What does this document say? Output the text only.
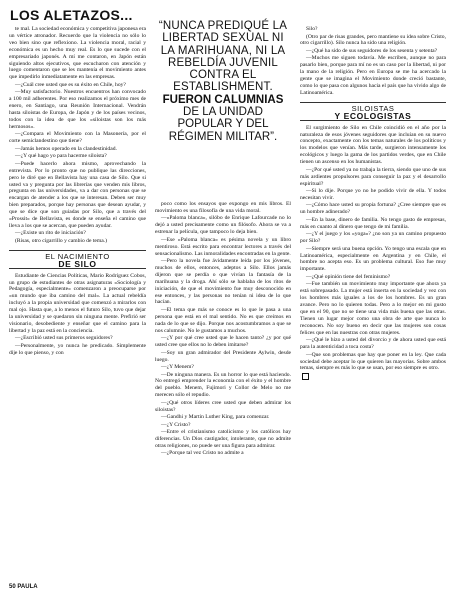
LOS ALETAZOS...

te mal. La sociedad económica y competitiva japonesa era un vértice atronador. Recuerdo que la violencia no sólo lo veo bien sino que reflexiono. La violencia moral, racial y económica es un hecho muy real. Es lo que sucede con el empresariado japonés. A mí me contaron, en Japón están siguiendo altos ejecutivos, que escucharon con atención y luego comentaron que se les mantenía el movimiento antes que impedirlo inmediatamente en las empresas.

—¿Cuál cree usted que es su éxito en Chile, hoy?

—Muy satisfactorio. Nuestros encuentros han convocado a 100 mil adherentes. Por eso realizamos el próximo mes de enero, en Santiago, una Reunión Internacional. Vendrán hasta siloistas de Europa, de Japón y de los países vecinos, todos con la idea de que los «siloistas son los más hermosos».

—¿Compara el Movimiento con la Masonería, por el corte semiclandestino que tiene?

—Jamás hemos operado en la clandestinidad.

—¿Y qué hago yo para hacerme siloista?

—Puede hacerlo ahora mismo, aprovechando la entrevista. Por lo pronto que no publique las direcciones, pero le diré que en Bellavista hay una casa de Silo. Que si usted va y pregunta por las librerías que venden mis libros, pregunta en las universidades, va a dar con personas que se encargan de atender a los que se interesan. Deben ser muy bien preparados, porque hay personas que desean ayudar, y que se dice que son guiadas por Silo, que a través del «Prossit» de Bellavista, es donde se enseña el camino que lleva a los que se acercan, que pueden ayudar.

—¿Existe un rito de iniciación?

(Risas, otro cigarrillo y cambio de tema.)

EL NACIMIENTO
DE SILO

Estudiante de Ciencias Políticas, Mario Rodríguez Cobos, un grupo de estudiantes de otras asignaturas «Sociología y Pedagogía, especialmente» comenzaron a preocuparse por «un mundo que iba camino del mal». La actual rebeldía incluyó a la propia universidad que comenzó a mirarlos con mal ojo. Hasta que, a lo menos el futuro Silo, tuvo que dejar la universidad y se quedaron sin ninguna mente. Prefirió ser visionario, desobediente y enseñar que el camino para la libertad y la paz está en la conciencia.

—¿Escribió usted sus primeros seguidores?

—Personalmente, yo nunca he predicado. Simplemente dije lo que pienso, y con

“NUNCA PREDIQUÉ LA LIBERTAD SEXUAL NI LA MARIHUANA, NI LA REBELDÍA JUVENIL CONTRA EL ESTABLISHMENT.
FUERON CALUMNIAS
DE LA UNIDAD POPULAR Y DEL RÉGIMEN MILITAR”.

poco como los ensayos que expongo en mis libros. El movimiento es una filosofía de una vida moral.

—«Paloma blanca», silóbo de Enrique Lafourcade no lo dejó a usted precisamente como un filósofo. Ahora se va a estrenar la película, que tampoco lo deja bien.

—Ese «Paloma blanca» es pésima novela y un libro mentiroso. Está escrito para encontrar lectores a través del sensacionalismo. Las inmoralidades encontradas en la gente.

—Pero la novela fue ávidamente leída por los jóvenes, muchos de ellos, entonces, adeptos a Silo. Ellos jamás dijeron que se perdía o que vivían la fantasía de la marihuana y la droga. Ahí sólo se hablaba de los ritos de iniciación, de que el movimiento fue muy desconocido en ese entonces, y las personas no tenían ni idea de lo que hacían.

—El tema que más se conoce es lo que le pasa a una persona que está en el mal sentido. No es que creímos en nada de lo que se dijo. Porque nos acostumbramos a que se nos calumnie. No le gustamos a muchos.

—¿Y por qué cree usted que le hacen tanto? ¿y por qué usted cree que ellos no lo deben imitarse?

—Soy un gran admirador del Presidente Aylwin, desde luego.

—¿Y Menem?

—De ninguna manera. Es un horror lo que está haciendo. No entregó emprender la economía con el éxito y el hombre del pueblo. Menem, Fujimori y Collor de Melo no me merecen sólo el repudio.

—¿Qué otros líderes cree usted que deben admirar los siloistas?

—Gandhi y Martin Luther King, para comenzar.

—¿Y Cristo?

—Entre el cristianismo catolicismo y los católicos hay diferencias. Un Dios castigador, intolerante, que no admite otras religiones, no puede ser una figura para admirar.

—¿Porque tal vez Cristo no admite a

Silo?

(Otro par de risas grandes, pero mantiene su idea sobre Cristo, otro cigarrillo). Silo nunca ha sido una religión.

—¿Qué ha sido de sus seguidores de los sesenta y setenta?

—Muchos me siguen todavía. Me escriben, aunque no para pasarlo bien, porque para mí no es un caso por la libertad, ni por la mano de la religión. Pero en Europa se me ha acercado la gente que se imagina el Movimiento donde creció bastante, como lo que pasa con algunos hacia el país que ha vivido algo de Latinoamérica.

SILOISTAS
Y ECOLOGISTAS

El surgimiento de Silo en Chile coincidió en el año por la naturaleza de esos jóvenes seguidores que incluían en su nuevo concepto, exactamente con los temas naturales de los políticos y los modelos que venían. Más tarde, surgieron intensamente los ecológicos y luego la gama de los partidos verdes, que en Chile tienen un ascenso en los humanistas.

—¿Por qué usted ya no trabaja la tierra, siendo que uno de sus más ardientes propulsores para conseguir la paz y el desarrollo espiritual?

—Si lo dije. Porque yo no he podido vivir de ella. Y todos necesitan vivir.

—¿Cómo hace usted su propia fortuna? ¿Cree siempre que es un hombre adinerado?

—En la base, dinero de familia. No tengo gasto de empresas, más en cuanto al dinero que tengo de mi familia.

—¿Y el juego y los «yoga»? ¿no son ya un camino propuesto por Silo?

—Siempre será una buena opción. Yo tengo una escala que en Latinoamérica, especialmente en Argentina y en Chile, el hombre no acepta eso. Es un problema cultural. Eso fue muy importante.

—¿Qué opinión tiene del feminismo?

—Fue también un movimiento muy importante que ahora ya está sobrepasado. La mujer está inserta en la sociedad y vez con los hombres más iguales a los de los hombres. Es un gran avance. Pero no lo quieren todas. Pero a lo mejor en mi gusto que en el 90, que no se tiene una vida más buena que las otras. Tienen un lugar mejor como una obra de arte que nunca lo reconocen. No soy bueno en decir que las mujeres son cosas felices que en las nuestras con otras mujeres.

—¿Qué le hizo a usted del divorcio y de ahora usted que está para la autenticidad a toca costa?

—Que son problemas que hay que poner en la ley. Que cada sociedad debe aceptar lo que quieren las mayorías. Sobre ambos temas, siempre es más lo que se usan, por eso siempre es otro.

50 PAULA
